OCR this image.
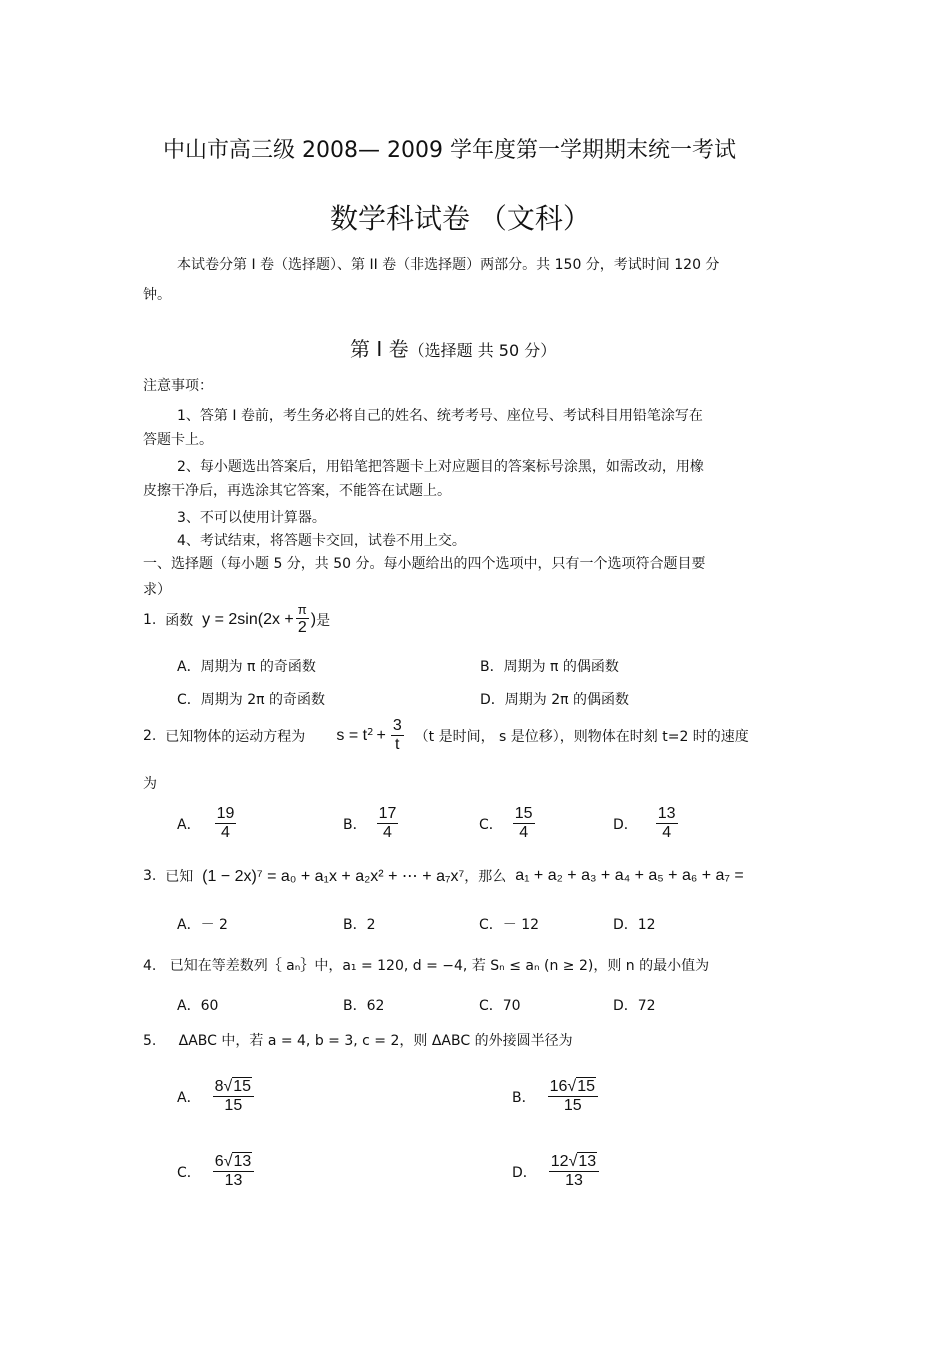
中山市高三级 2008— 2009 学年度第一学期期末统一考试
数学科试卷 （文科）
本试卷分第 I 卷（选择题）、第 II 卷（非选择题）两部分。共 150 分，考试时间 120 分
钟。
第 I 卷（选择题 共 50 分）
注意事项：
1、答第 I 卷前，考生务必将自己的姓名、统考考号、座位号、考试科目用铅笔涂写在
答题卡上。
2、每小题选出答案后，用铅笔把答题卡上对应题目的答案标号涂黑，如需改动，用橡
皮擦干净后，再选涂其它答案，不能答在试题上。
3、不可以使用计算器。
4、考试结束，将答题卡交回，试卷不用上交。
一、选择题（每小题 5 分，共 50 分。每小题给出的四个选项中，只有一个选项符合题目要
求）
1.
函数
$y = 2\sin(2x + \frac{\pi}{2}$ ) 是
A．周期为 π 的奇函数	B．周期为 π 的偶函数
C．周期为 2π 的奇函数	D．周期为 2π 的偶函数
2.
已知物体的运动方程为
$s = t^2 + \frac{3}{t}$
（t 是时间， s 是位移），则物体在时刻 t=2 时的速度
为
A． $\frac{19}{4}$	B． $\frac{17}{4}$	C． $\frac{15}{4}$	D． $\frac{13}{4}$
3.
已知
(1 − 2x)⁷ = a₀ + a₁x + a₂x² + ⋯ + a₇x⁷ ，那么
a₁ + a₂ + a₃ + a₄ + a₅ + a₆ + a₇ =
A．－ 2	B．2	C．－ 12	D．12
4. 已知在等差数列｛ aₙ｝中，a₁ = 120, d = −4, 若 Sₙ ≤ aₙ (n ≥ 2)，则 n 的最小值为
A．60	B．62	C．70	D．72
5. ΔABC 中，若 a = 4, b = 3, c = 2，则 ΔABC 的外接圆半径为
A． $\frac{8√15}{15}$	B． $\frac{16√15}{15}$
C． $\frac{6√13}{13}$	D． $\frac{12√13}{13}$
